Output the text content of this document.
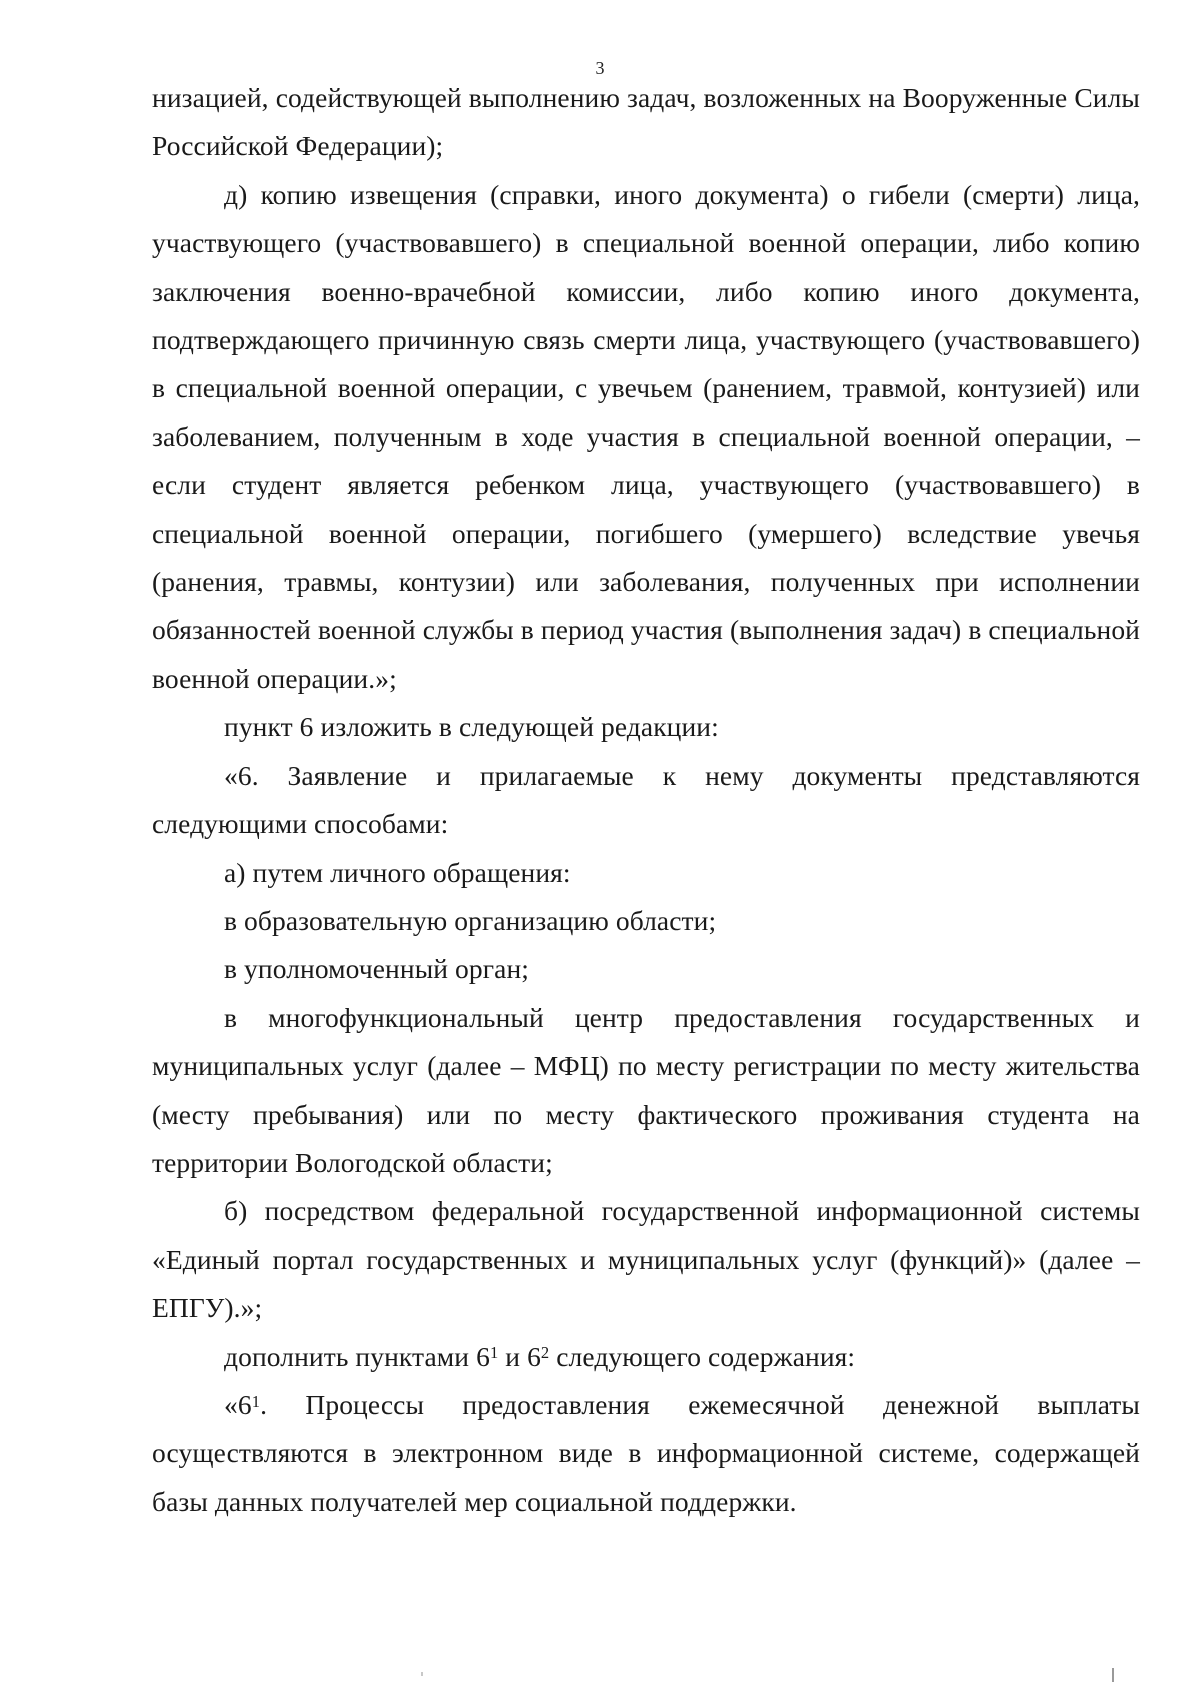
3

низацией, содействующей выполнению задач, возложенных на Вооруженные Силы Российской Федерации);

д) копию извещения (справки, иного документа) о гибели (смерти) лица, участвующего (участвовавшего) в специальной военной операции, либо копию заключения военно-врачебной комиссии, либо копию иного документа, подтверждающего причинную связь смерти лица, участвующего (участвовавшего) в специальной военной операции, с увечьем (ранением, травмой, контузией) или заболеванием, полученным в ходе участия в специальной военной операции, – если студент является ребенком лица, участвующего (участвовавшего) в специальной военной операции, погибшего (умершего) вследствие увечья (ранения, травмы, контузии) или заболевания, полученных при исполнении обязанностей военной службы в период участия (выполнения задач) в специальной военной операции.»;

пункт 6 изложить в следующей редакции:

«6. Заявление и прилагаемые к нему документы представляются следующими способами:

а) путем личного обращения:

в образовательную организацию области;

в уполномоченный орган;

в многофункциональный центр предоставления государственных и муниципальных услуг (далее – МФЦ) по месту регистрации по месту жительства (месту пребывания) или по месту фактического проживания студента на территории Вологодской области;

б) посредством федеральной государственной информационной системы «Единый портал государственных и муниципальных услуг (функций)» (далее – ЕПГУ).»;

дополнить пунктами $6^1$ и $6^2$ следующего содержания:

«$6^1$. Процессы предоставления ежемесячной денежной выплаты осуществляются в электронном виде в информационной системе, содержащей базы данных получателей мер социальной поддержки.
